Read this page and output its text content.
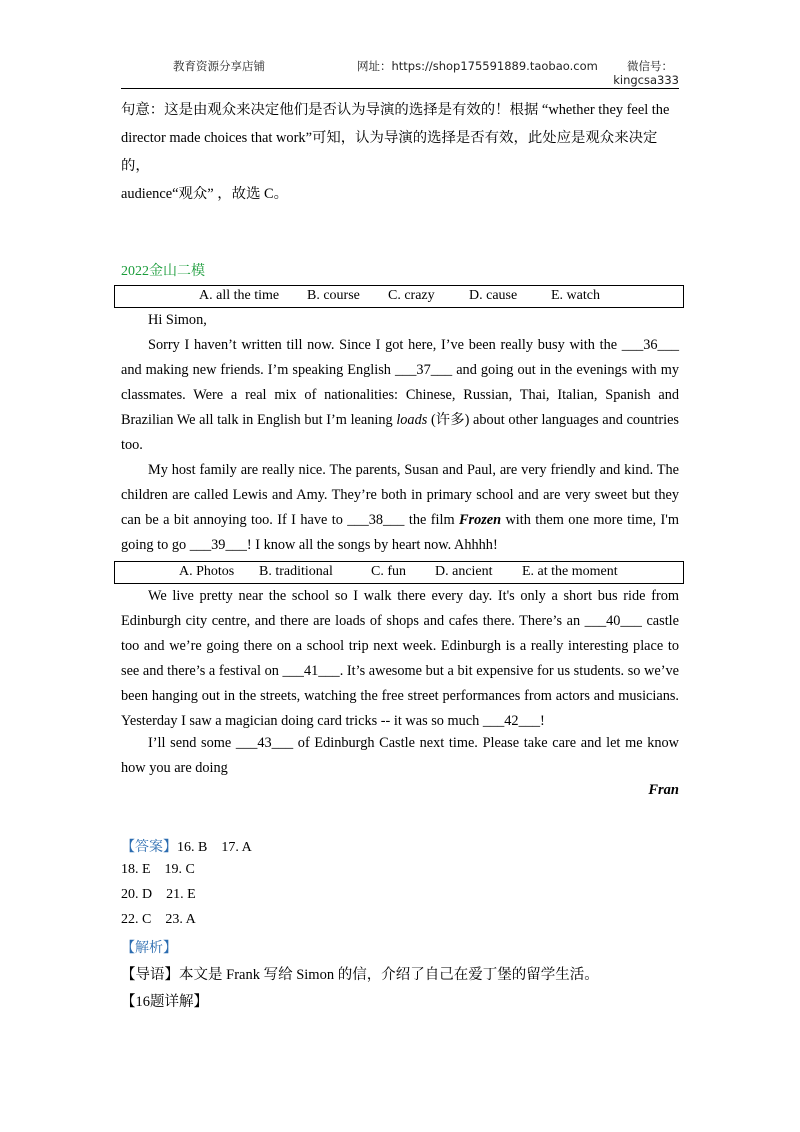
教育资源分享店铺	网址：https://shop175591889.taobao.com	微信号：
kingcsa333
句意：这是由观众来决定他们是否认为导演的选择是有效的！根据 “whether they feel the
director made choices that work”可知，认为导演的选择是否有效，此处应是观众来决定的，
audience“观众” ，故选 C。
2022金山二模
A. all the time B. course C. crazy D. cause E. watch
Hi Simon,
Sorry I haven’t written till now. Since I got here, I’ve been really busy with the ___36___ and making new friends. I’m speaking English ___37___ and going out in the evenings with my classmates. Were a real mix of nationalities: Chinese, Russian, Thai, Italian, Spanish and Brazilian We all talk in English but I’m leaning loads (许多) about other languages and countries too.
My host family are really nice. The parents, Susan and Paul, are very friendly and kind. The children are called Lewis and Amy. They’re both in primary school and are very sweet but they can be a bit annoying too. If I have to ___38___ the film Frozen with them one more time, I'm going to go ___39___! I know all the songs by heart now. Ahhhh!
A. Photos B. traditional	C. fun D. ancient E. at the moment
We live pretty near the school so I walk there every day. It's only a short bus ride from Edinburgh city centre, and there are loads of shops and cafes there. There’s an ___40___ castle too and we’re going there on a school trip next week. Edinburgh is a really interesting place to see and there’s a festival on ___41___. It’s awesome but a bit expensive for us students. so we’ve been hanging out in the streets, watching the free street performances from actors and musicians. Yesterday I saw a magician doing card tricks -- it was so much ___42___!
I’ll send some ___43___ of Edinburgh Castle next time. Please take care and let me know how you are doing
Fran
【答案】16. B    17. A
18. E    19. C
20. D    21. E
22. C    23. A
【解析】
【导语】本文是 Frank 写给 Simon 的信，介绍了自己在爱丁堡的留学生活。
【16题详解】
